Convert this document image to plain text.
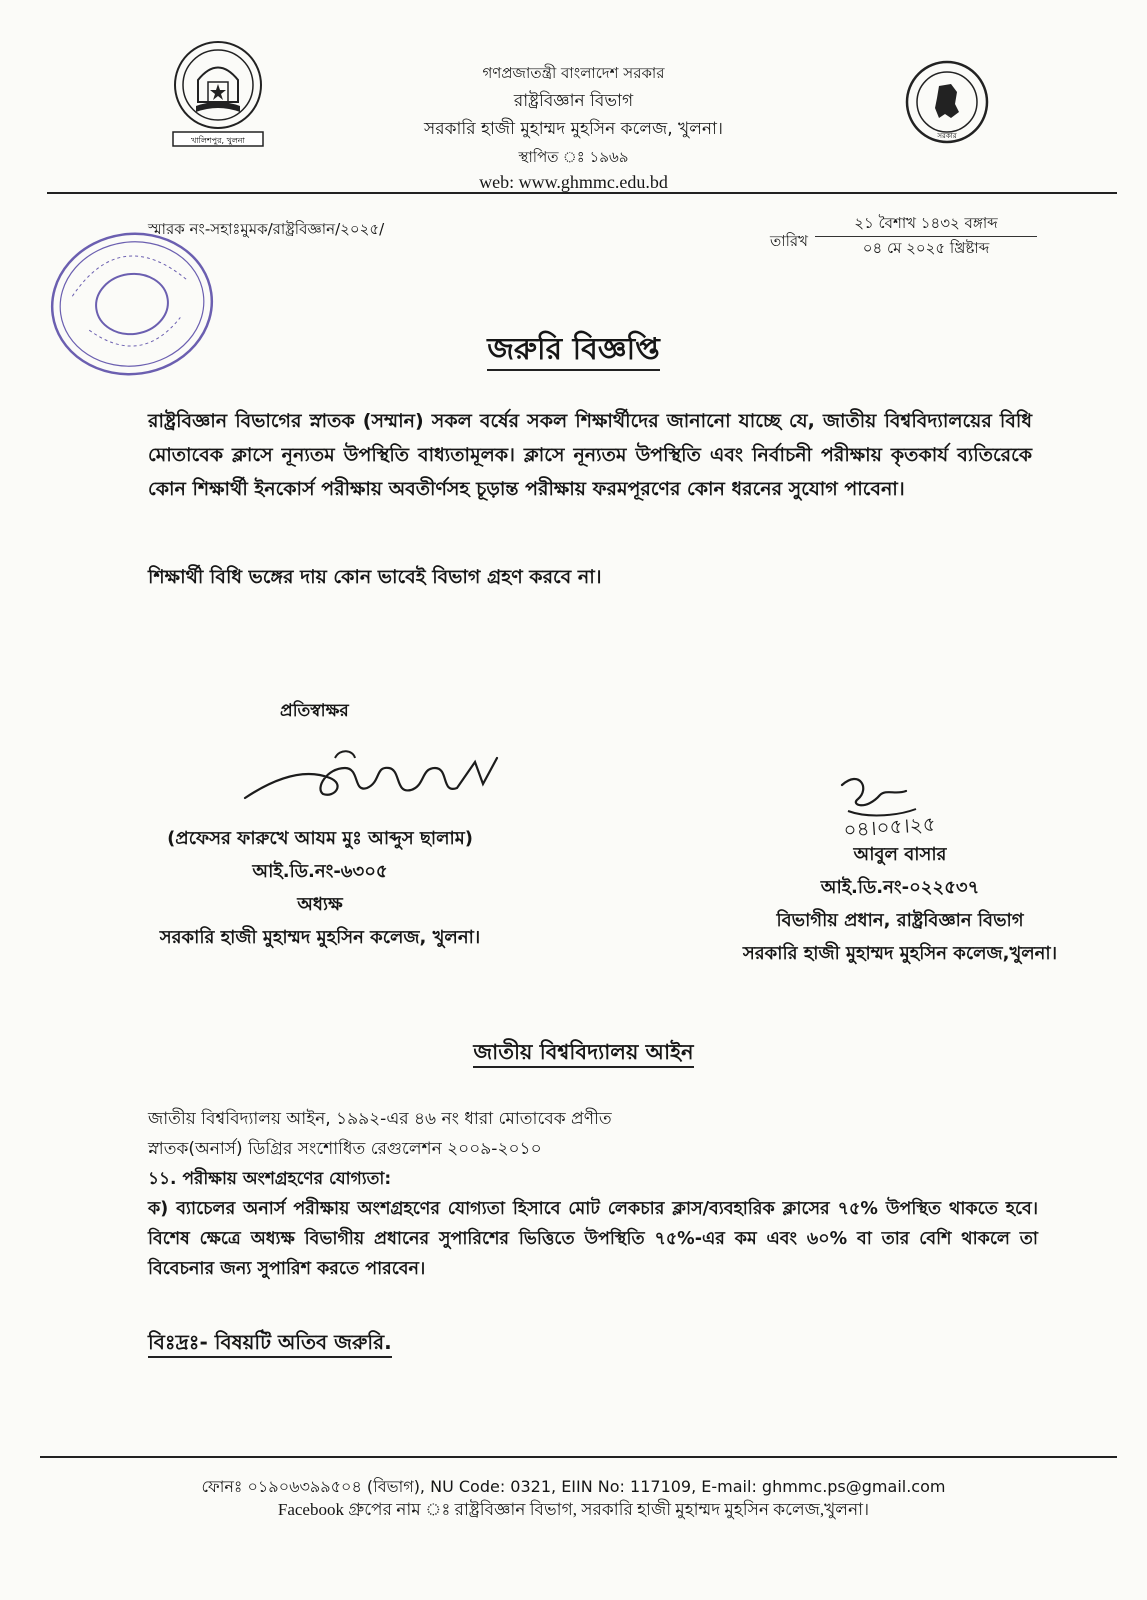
খালিশপুর, খুলনা	সরকার
গণপ্রজাতন্ত্রী বাংলাদেশ সরকার
রাষ্ট্রবিজ্ঞান বিভাগ
সরকারি হাজী মুহাম্মদ মুহসিন কলেজ, খুলনা।
স্থাপিত ঃ ১৯৬৯
web: www.ghmmc.edu.bd
স্মারক নং-সহাঃমুমক/রাষ্ট্রবিজ্ঞান/২০২৫/
তারিখ
২১ বৈশাখ ১৪৩২ বঙ্গাব্দ
০৪ মে ২০২৫ খ্রিষ্টাব্দ
জরুরি বিজ্ঞপ্তি
রাষ্ট্রবিজ্ঞান বিভাগের স্নাতক (সম্মান) সকল বর্ষের সকল শিক্ষার্থীদের জানানো যাচ্ছে যে, জাতীয় বিশ্ববিদ্যালয়ের বিধি মোতাবেক ক্লাসে নূন্যতম উপস্থিতি বাধ্যতামূলক। ক্লাসে নূন্যতম উপস্থিতি এবং নির্বাচনী পরীক্ষায় কৃতকার্য ব্যতিরেকে কোন শিক্ষার্থী ইনকোর্স পরীক্ষায় অবতীর্ণসহ চূড়ান্ত পরীক্ষায় ফরমপূরণের কোন ধরনের সুযোগ পাবেনা।
শিক্ষার্থী বিধি ভঙ্গের দায় কোন ভাবেই বিভাগ গ্রহণ করবে না।
প্রতিস্বাক্ষর
০৪।০৫।২৫
(প্রফেসর ফারুখে আযম মুঃ আব্দুস ছালাম)
আই.ডি.নং-৬৩০৫
অধ্যক্ষ
সরকারি হাজী মুহাম্মদ মুহসিন কলেজ, খুলনা।
আবুল বাসার
আই.ডি.নং-০২২৫৩৭
বিভাগীয় প্রধান, রাষ্ট্রবিজ্ঞান বিভাগ
সরকারি হাজী মুহাম্মদ মুহসিন কলেজ,খুলনা।
জাতীয় বিশ্ববিদ্যালয় আইন
জাতীয় বিশ্ববিদ্যালয় আইন, ১৯৯২-এর ৪৬ নং ধারা মোতাবেক প্রণীত
স্নাতক(অনার্স) ডিগ্রির সংশোধিত রেগুলেশন ২০০৯-২০১০
১১. পরীক্ষায় অংশগ্রহণের যোগ্যতা:
ক) ব্যাচেলর অনার্স পরীক্ষায় অংশগ্রহণের যোগ্যতা হিসাবে মোট লেকচার ক্লাস/ব্যবহারিক ক্লাসের ৭৫% উপস্থিত থাকতে হবে। বিশেষ ক্ষেত্রে অধ্যক্ষ বিভাগীয় প্রধানের সুপারিশের ভিত্তিতে উপস্থিতি ৭৫%-এর কম এবং ৬০% বা তার বেশি থাকলে তা বিবেচনার জন্য সুপারিশ করতে পারবেন।
বিঃদ্রঃ- বিষয়টি অতিব জরুরি.
ফোনঃ ০১৯০৬৩৯৯৫০৪ (বিভাগ), NU Code: 0321, EIIN No: 117109, E-mail: ghmmc.ps@gmail.com
Facebook গ্রুপের নাম ঃ রাষ্ট্রবিজ্ঞান বিভাগ, সরকারি হাজী মুহাম্মদ মুহসিন কলেজ,খুলনা।
